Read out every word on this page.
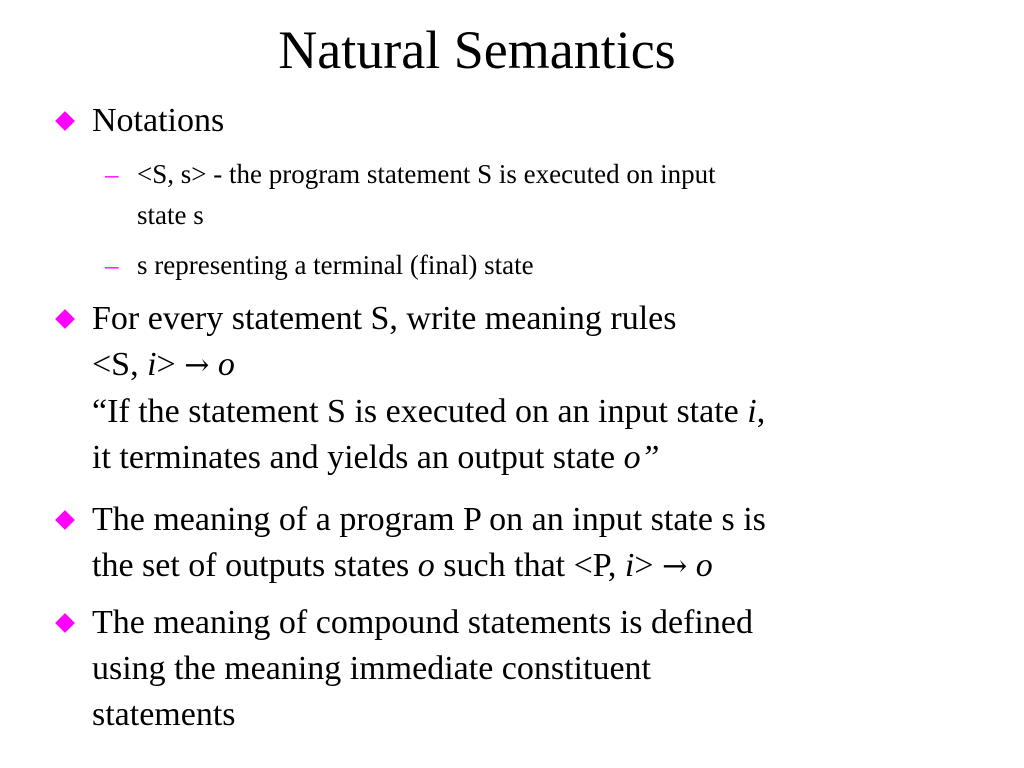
Natural Semantics
Notations
– <S, s> - the program statement S is executed on input
state s
– s representing a terminal (final) state
For every statement S, write meaning rules
<S, i> → o
“If the statement S is executed on an input state i,
it terminates and yields an output state o”
The meaning of a program P on an input state s is
the set of outputs states o such that <P, i> → o
The meaning of compound statements is defined
using the meaning immediate constituent
statements
